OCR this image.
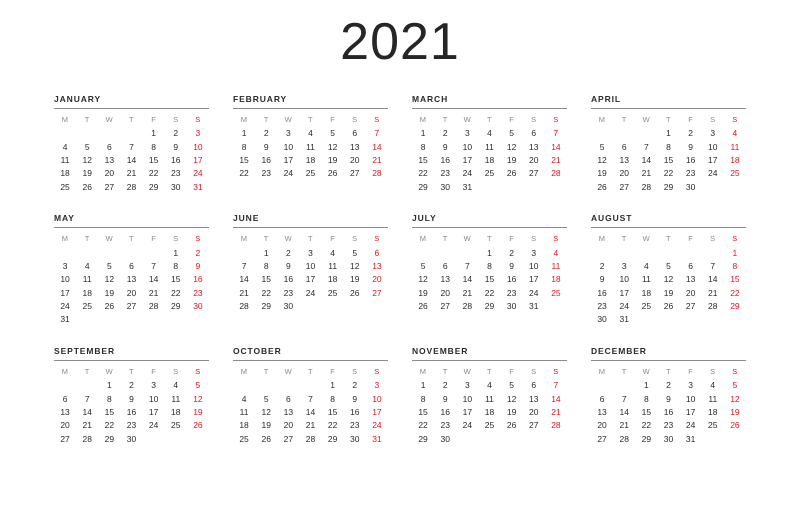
2021
JANUARY
M	T	W	T	F	S	S
				1	2	3
4	5	6	7	8	9	10
11	12	13	14	15	16	17
18	19	20	21	22	23	24
25	26	27	28	29	30	31
FEBRUARY
M	T	W	T	F	S	S
1	2	3	4	5	6	7
8	9	10	11	12	13	14
15	16	17	18	19	20	21
22	23	24	25	26	27	28
MARCH
M	T	W	T	F	S	S
1	2	3	4	5	6	7
8	9	10	11	12	13	14
15	16	17	18	19	20	21
22	23	24	25	26	27	28
29	30	31				
APRIL
M	T	W	T	F	S	S
			1	2	3	4
5	6	7	8	9	10	11
12	13	14	15	16	17	18
19	20	21	22	23	24	25
26	27	28	29	30		
MAY
M	T	W	T	F	S	S
					1	2
3	4	5	6	7	8	9
10	11	12	13	14	15	16
17	18	19	20	21	22	23
24	25	26	27	28	29	30
31						
JUNE
M	T	W	T	F	S	S
	1	2	3	4	5	6
7	8	9	10	11	12	13
14	15	16	17	18	19	20
21	22	23	24	25	26	27
28	29	30				
JULY
M	T	W	T	F	S	S
			1	2	3	4
5	6	7	8	9	10	11
12	13	14	15	16	17	18
19	20	21	22	23	24	25
26	27	28	29	30	31	
AUGUST
M	T	W	T	F	S	S
						1
2	3	4	5	6	7	8
9	10	11	12	13	14	15
16	17	18	19	20	21	22
23	24	25	26	27	28	29
30	31					
SEPTEMBER
M	T	W	T	F	S	S
		1	2	3	4	5
6	7	8	9	10	11	12
13	14	15	16	17	18	19
20	21	22	23	24	25	26
27	28	29	30			
OCTOBER
M	T	W	T	F	S	S
				1	2	3
4	5	6	7	8	9	10
11	12	13	14	15	16	17
18	19	20	21	22	23	24
25	26	27	28	29	30	31
NOVEMBER
M	T	W	T	F	S	S
1	2	3	4	5	6	7
8	9	10	11	12	13	14
15	16	17	18	19	20	21
22	23	24	25	26	27	28
29	30					
DECEMBER
M	T	W	T	F	S	S
		1	2	3	4	5
6	7	8	9	10	11	12
13	14	15	16	17	18	19
20	21	22	23	24	25	26
27	28	29	30	31		
